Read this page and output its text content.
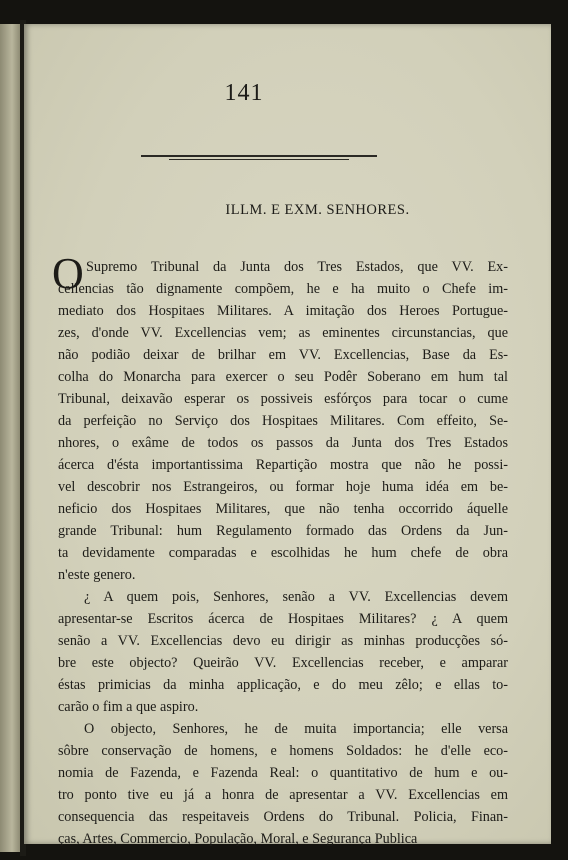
141
ILLM. E EXM. SENHORES.
Supremo Tribunal da Junta dos Tres Estados, que VV. Ex-
cellencias tão dignamente compõem, he e ha muito o Chefe im-
mediato dos Hospitaes Militares. A imitação dos Heroes Portugue-
zes, d'onde VV. Excellencias vem; as eminentes circunstancias, que
não podião deixar de brilhar em VV. Excellencias, Base da Es-
colha do Monarcha para exercer o seu Podêr Soberano em hum tal
Tribunal, deixavão esperar os possiveis esfórços para tocar o cume
da perfeição no Serviço dos Hospitaes Militares. Com effeito, Se-
nhores, o exâme de todos os passos da Junta dos Tres Estados
ácerca d'ésta importantissima Repartição mostra que não he possi-
vel descobrir nos Estrangeiros, ou formar hoje huma idéa em be-
neficio dos Hospitaes Militares, que não tenha occorrido áquelle
grande Tribunal: hum Regulamento formado das Ordens da Jun-
ta devidamente comparadas e escolhidas he hum chefe de obra
n'este genero.
O
¿ A quem pois, Senhores, senão a VV. Excellencias devem
apresentar-se Escritos ácerca de Hospitaes Militares? ¿ A quem
senão a VV. Excellencias devo eu dirigir as minhas producções só-
bre este objecto? Queirão VV. Excellencias receber, e amparar
éstas primicias da minha applicação, e do meu zêlo; e ellas to-
carão o fim a que aspiro.
O objecto, Senhores, he de muita importancia; elle versa
sôbre conservação de homens, e homens Soldados: he d'elle eco-
nomia de Fazenda, e Fazenda Real: o quantitativo de hum e ou-
tro ponto tive eu já a honra de apresentar a VV. Excellencias em
consequencia das respeitaveis Ordens do Tribunal. Policia, Finan-
ças, Artes, Commercio, População, Moral, e Segurança Publica
